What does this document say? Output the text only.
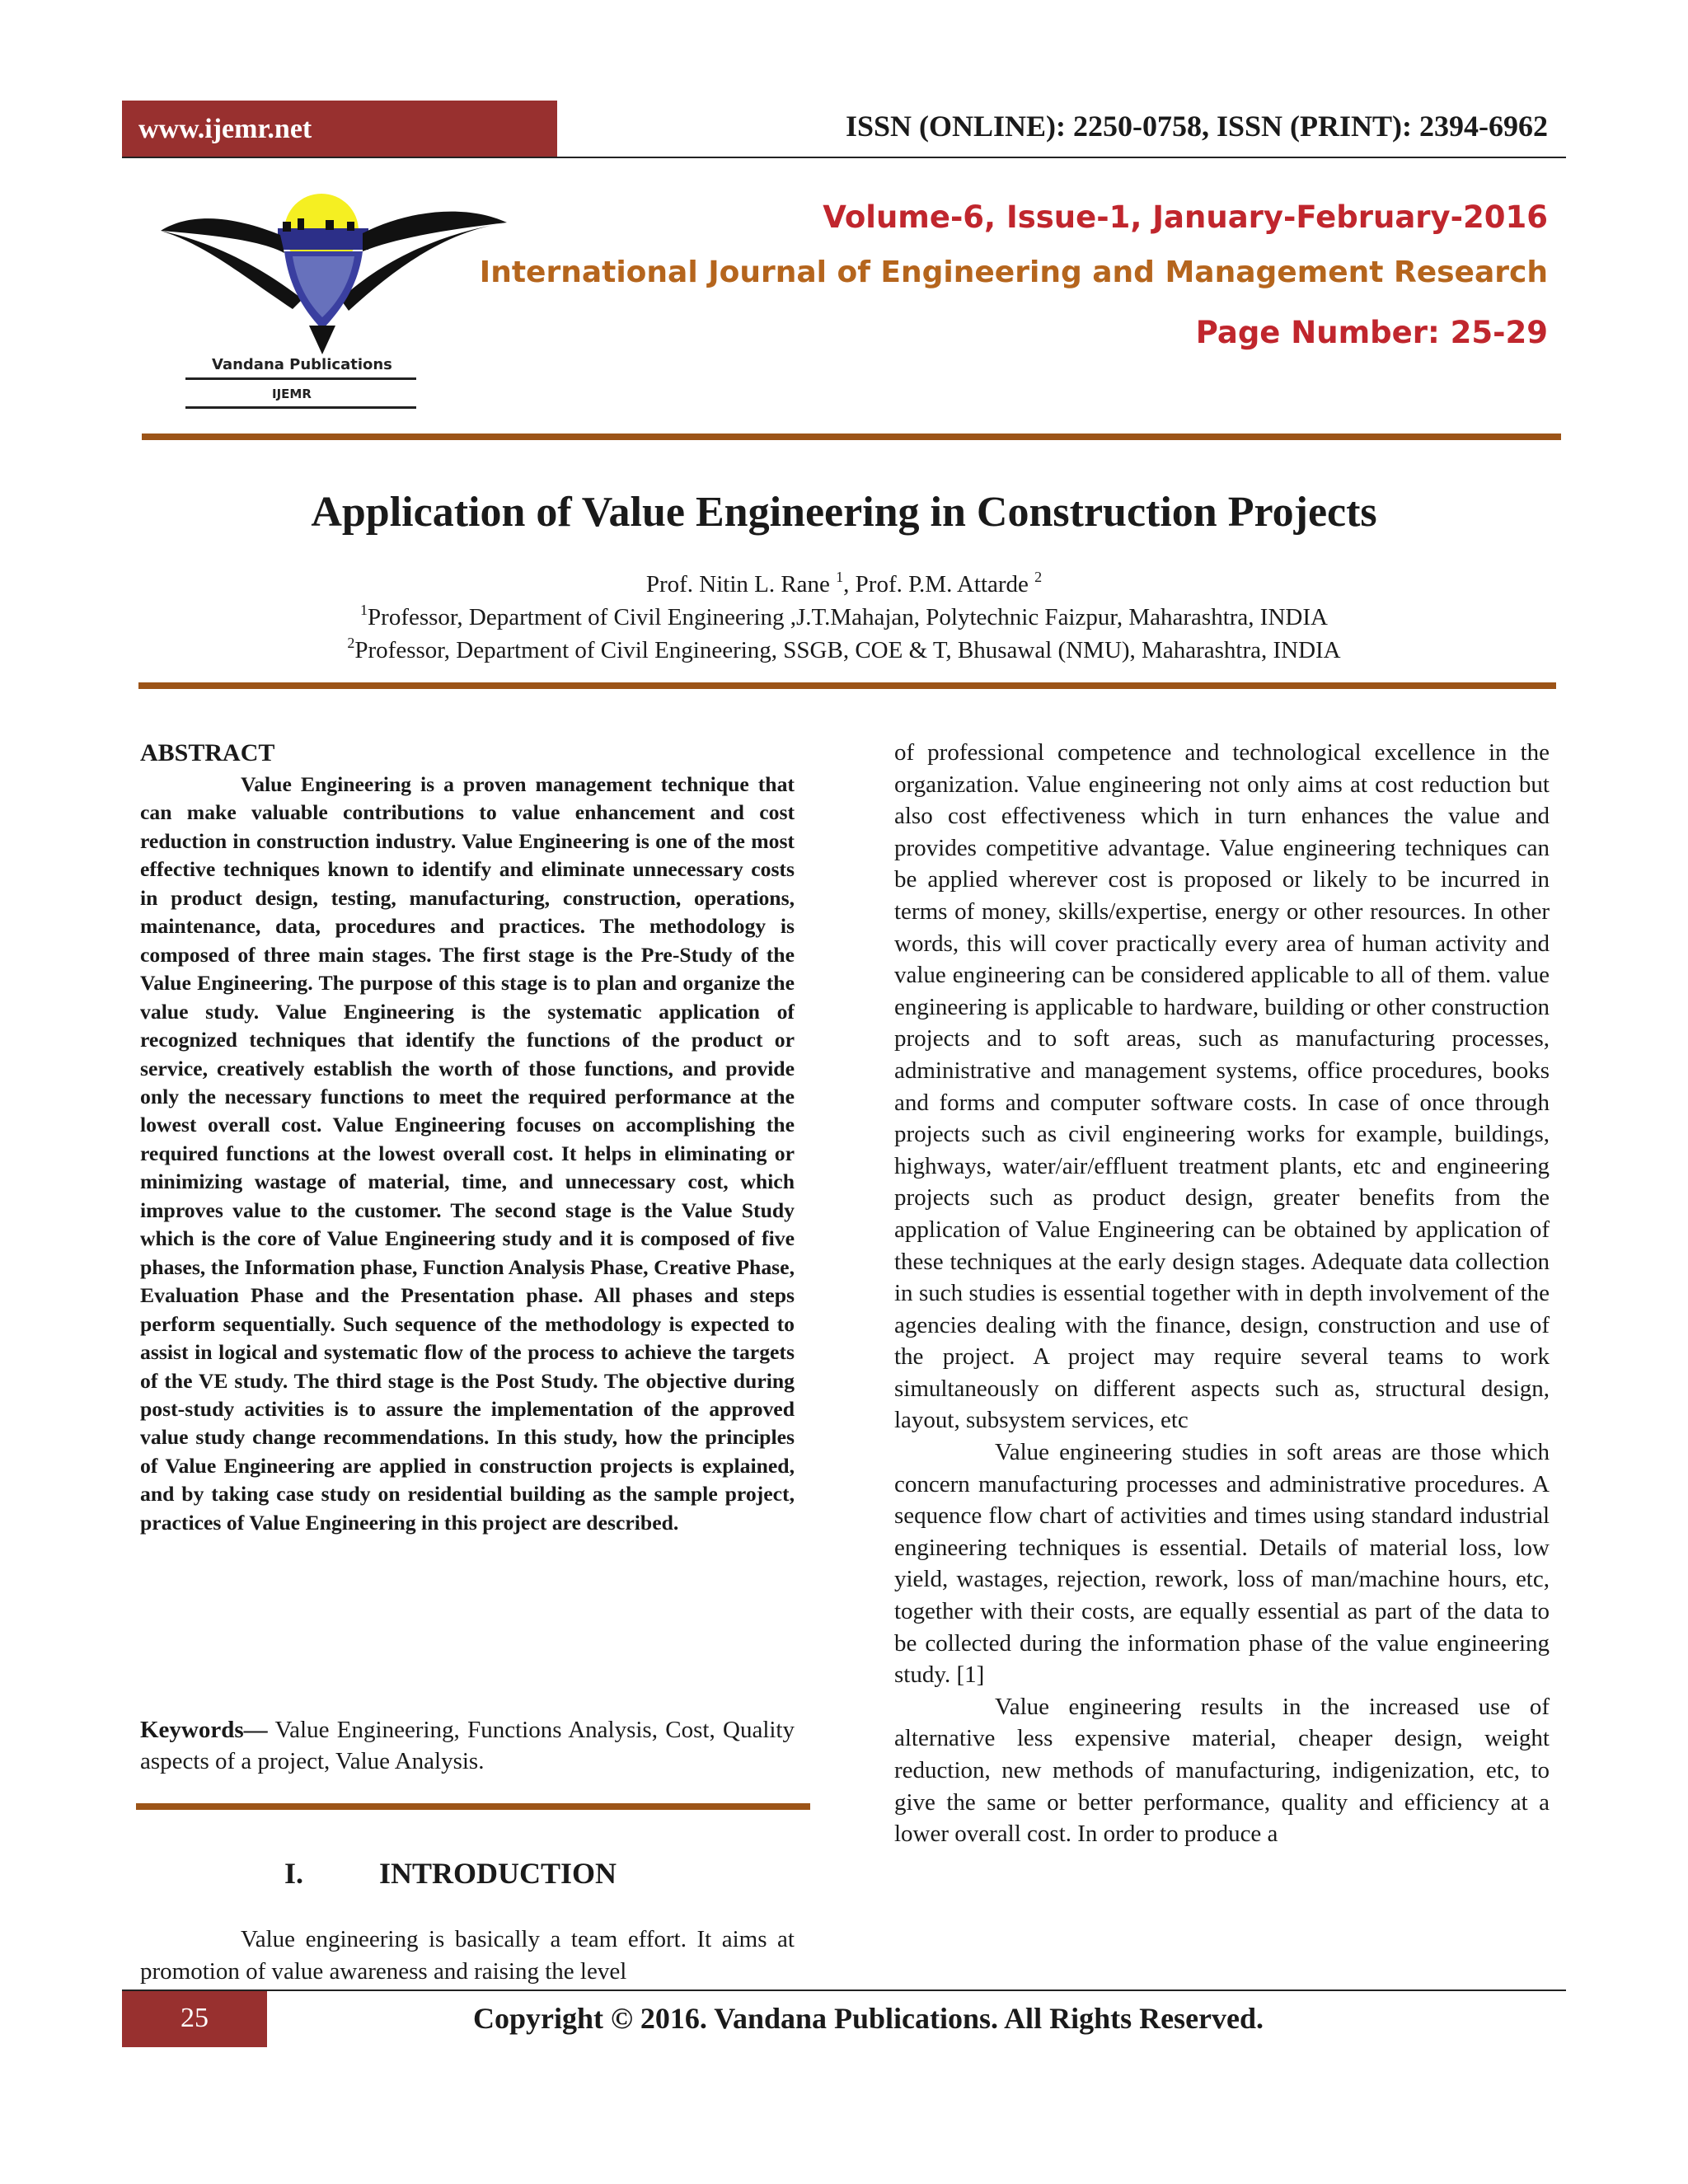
www.ijemr.net	ISSN (ONLINE): 2250-0758, ISSN (PRINT): 2394-6962
Vandana Publications
IJEMR
Volume-6, Issue-1, January-February-2016
International Journal of Engineering and Management Research
Page Number: 25-29
Application of Value Engineering in Construction Projects
Prof. Nitin L. Rane $^1$, Prof. P.M. Attarde $^2$
$^1$Professor, Department of Civil Engineering ,J.T.Mahajan, Polytechnic Faizpur, Maharashtra, INDIA
$^2$Professor, Department of Civil Engineering, SSGB, COE & T, Bhusawal (NMU), Maharashtra, INDIA
ABSTRACT

Value Engineering is a proven management technique that can make valuable contributions to value enhancement and cost reduction in construction industry. Value Engineering is one of the most effective techniques known to identify and eliminate unnecessary costs in product design, testing, manufacturing, construction, operations, maintenance, data, procedures and practices. The methodology is composed of three main stages. The first stage is the Pre-Study of the Value Engineering. The purpose of this stage is to plan and organize the value study. Value Engineering is the systematic application of recognized techniques that identify the functions of the product or service, creatively establish the worth of those functions, and provide only the necessary functions to meet the required performance at the lowest overall cost. Value Engineering focuses on accomplishing the required functions at the lowest overall cost. It helps in eliminating or minimizing wastage of material, time, and unnecessary cost, which improves value to the customer. The second stage is the Value Study which is the core of Value Engineering study and it is composed of five phases, the Information phase, Function Analysis Phase, Creative Phase, Evaluation Phase and the Presentation phase. All phases and steps perform sequentially. Such sequence of the methodology is expected to assist in logical and systematic flow of the process to achieve the targets of the VE study. The third stage is the Post Study. The objective during post-study activities is to assure the implementation of the approved value study change recommendations. In this study, how the principles of Value Engineering are applied in construction projects is explained, and by taking case study on residential building as the sample project, practices of Value Engineering in this project are described.

Keywords— Value Engineering, Functions Analysis, Cost, Quality aspects of a project, Value Analysis.

I.	INTRODUCTION

Value engineering is basically a team effort. It aims at promotion of value awareness and raising the level

of professional competence and technological excellence in the organization. Value engineering not only aims at cost reduction but also cost effectiveness which in turn enhances the value and provides competitive advantage. Value engineering techniques can be applied wherever cost is proposed or likely to be incurred in terms of money, skills/expertise, energy or other resources. In other words, this will cover practically every area of human activity and value engineering can be considered applicable to all of them. value engineering is applicable to hardware, building or other construction projects and to soft areas, such as manufacturing processes, administrative and management systems, office procedures, books and forms and computer software costs. In case of once through projects such as civil engineering works for example, buildings, highways, water/air/effluent treatment plants, etc and engineering projects such as product design, greater benefits from the application of Value Engineering can be obtained by application of these techniques at the early design stages. Adequate data collection in such studies is essential together with in depth involvement of the agencies dealing with the finance, design, construction and use of the project. A project may require several teams to work simultaneously on different aspects such as, structural design, layout, subsystem services, etc

Value engineering studies in soft areas are those which concern manufacturing processes and administrative procedures. A sequence flow chart of activities and times using standard industrial engineering techniques is essential. Details of material loss, low yield, wastages, rejection, rework, loss of man/machine hours, etc, together with their costs, are equally essential as part of the data to be collected during the information phase of the value engineering study. [1]

Value engineering results in the increased use of alternative less expensive material, cheaper design, weight reduction, new methods of manufacturing, indigenization, etc, to give the same or better performance, quality and efficiency at a lower overall cost. In order to produce a

25	Copyright © 2016. Vandana Publications. All Rights Reserved.
